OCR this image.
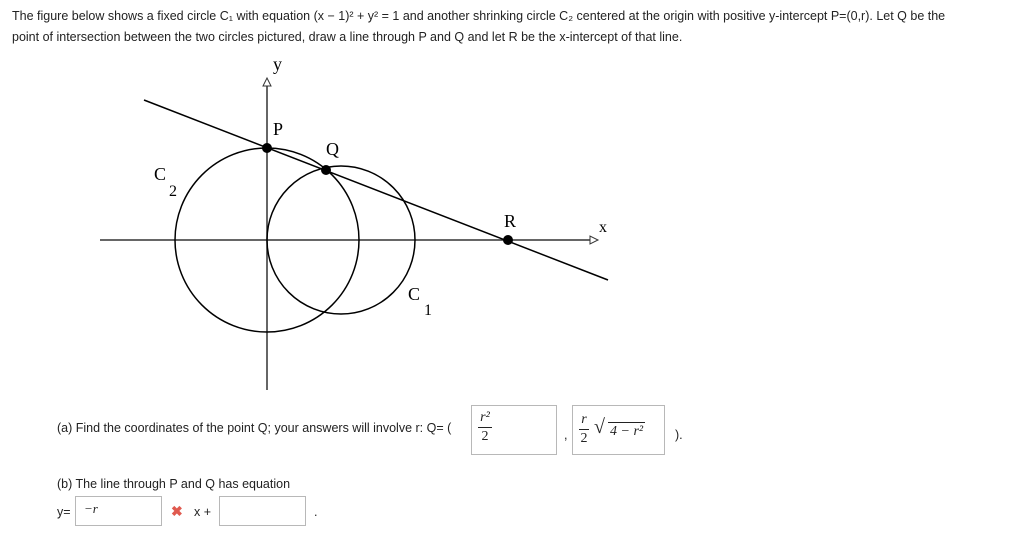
The figure below shows a fixed circle C₁ with equation (x − 1)² + y² = 1 and another shrinking circle C₂ centered at the origin with positive y-intercept P=(0,r). Let Q be the
point of intersection between the two circles pictured, draw a line through P and Q and let R be the x-intercept of that line.
y
x
P
Q
R
C
2
C
1
(a) Find the coordinates of the point Q; your answers will involve r: Q= (
r²
2	,
r
2
√ 4 − r²	).
(b) The line through P and Q has equation
y=	−r	✖ x +	.
